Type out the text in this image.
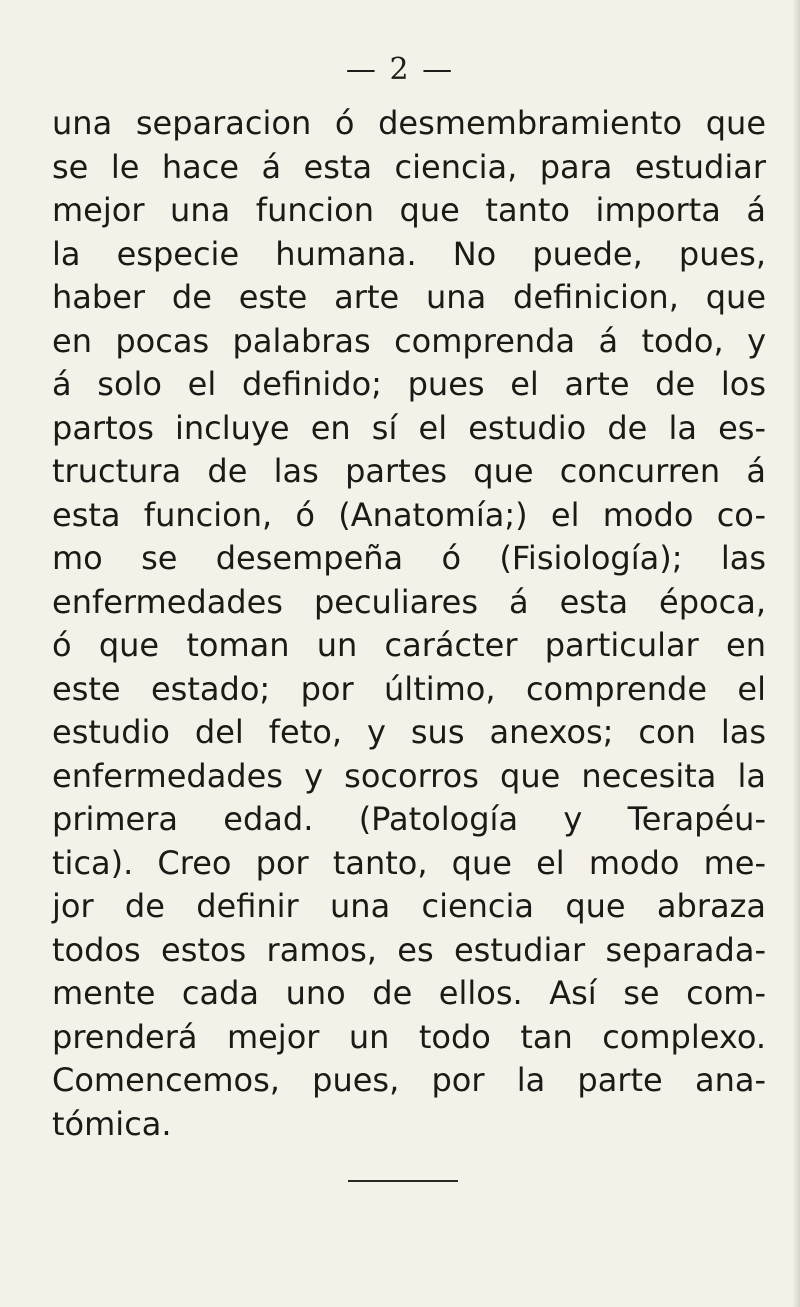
— 2 —
una separacion ó desmembramiento que
se le hace á esta ciencia, para estudiar
mejor una funcion que tanto importa á
la especie humana. No puede, pues,
haber de este arte una definicion, que
en pocas palabras comprenda á todo, y
á solo el definido; pues el arte de los
partos incluye en sí el estudio de la es-
tructura de las partes que concurren á
esta funcion, ó (Anatomía;) el modo co-
mo se desempeña ó (Fisiología); las
enfermedades peculiares á esta época,
ó que toman un carácter particular en
este estado; por último, comprende el
estudio del feto, y sus anexos; con las
enfermedades y socorros que necesita la
primera edad. (Patología y Terapéu-
tica). Creo por tanto, que el modo me-
jor de definir una ciencia que abraza
todos estos ramos, es estudiar separada-
mente cada uno de ellos. Así se com-
prenderá mejor un todo tan complexo.
Comencemos, pues, por la parte ana-
tómica.
